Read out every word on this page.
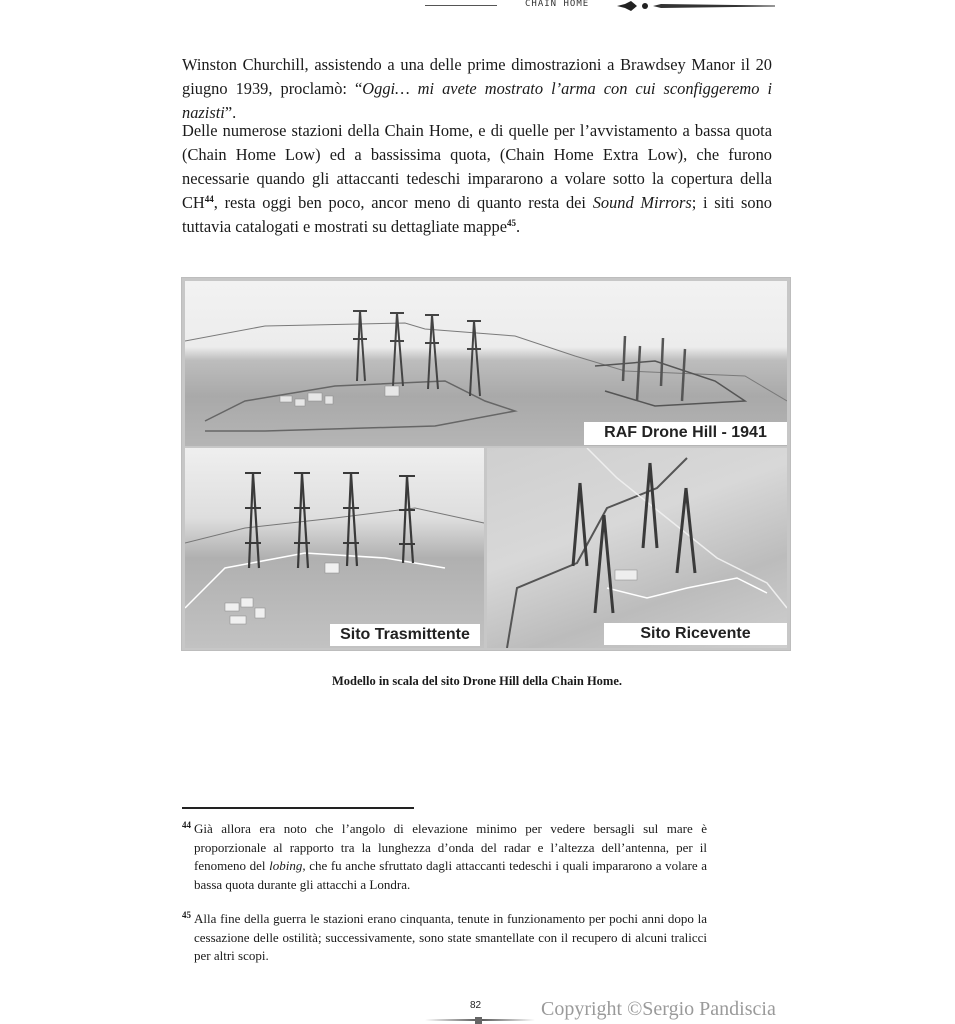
CHAIN HOME

Winston Churchill, assistendo a una delle prime dimostrazioni a Brawdsey Manor il 20 giugno 1939, proclamò: “Oggi… mi avete mostrato l’arma con cui sconfiggeremo i nazisti”.

Delle numerose stazioni della Chain Home, e di quelle per l’avvistamento a bassa quota (Chain Home Low) ed a bassissima quota, (Chain Home Extra Low), che furono necessarie quando gli attaccanti tedeschi impararono a volare sotto la copertura della CH$^{44}$, resta oggi ben poco, ancor meno di quanto resta dei Sound Mirrors; i siti sono tuttavia catalogati e mostrati su dettagliate mappe$^{45}$.

RAF Drone Hill - 1941
Sito Trasmittente	Sito Ricevente

Modello in scala del sito Drone Hill della Chain Home.

44 Già allora era noto che l’angolo di elevazione minimo per vedere bersagli sul mare è proporzionale al rapporto tra la lunghezza d’onda del radar e l’altezza dell’antenna, per il fenomeno del lobing, che fu anche sfruttato dagli attaccanti tedeschi i quali impararono a volare a bassa quota durante gli attacchi a Londra.

45 Alla fine della guerra le stazioni erano cinquanta, tenute in funzionamento per pochi anni dopo la cessazione delle ostilità; successivamente, sono state smantellate con il recupero di alcuni tralicci per altri scopi.

82	Copyright ©Sergio Pandiscia
